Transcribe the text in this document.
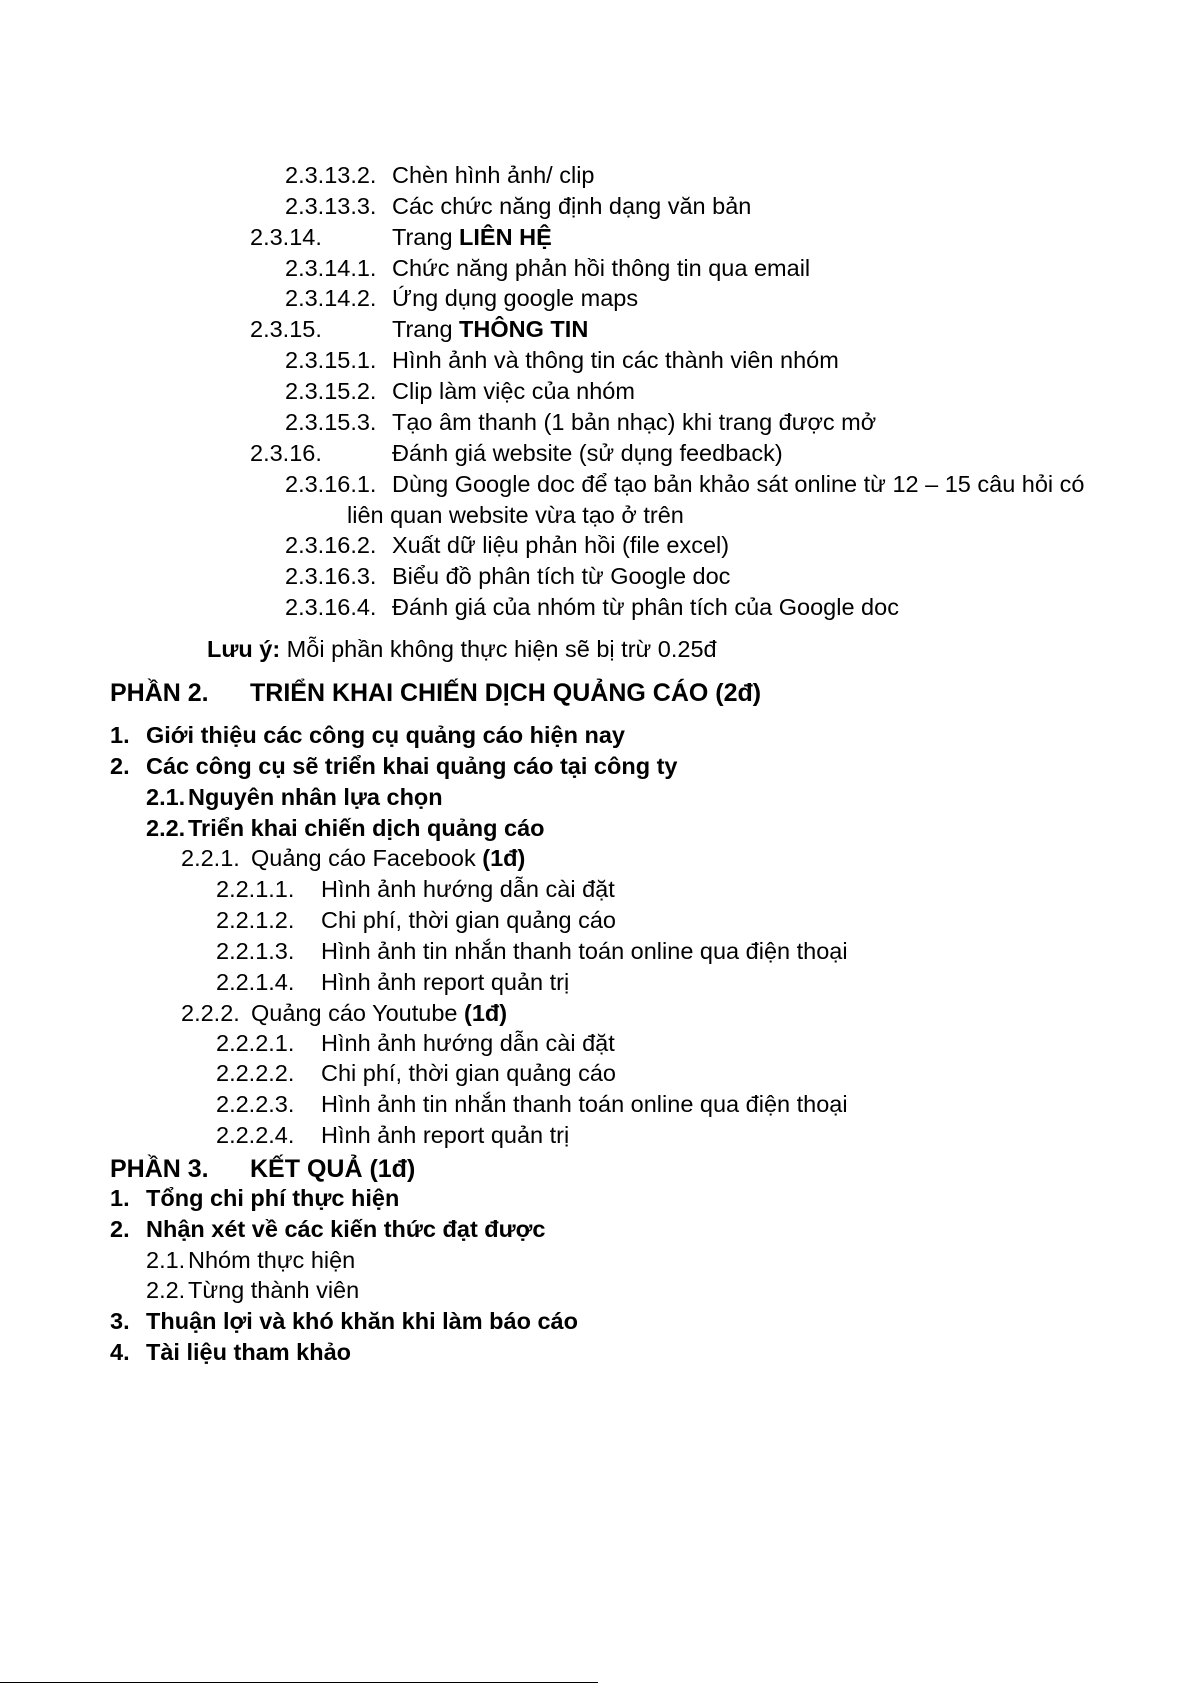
2.3.13.2. Chèn hình ảnh/ clip
2.3.13.3. Các chức năng định dạng văn bản
2.3.14.	Trang LIÊN HỆ
2.3.14.1. Chức năng phản hồi thông tin qua email
2.3.14.2. Ứng dụng google maps
2.3.15.	Trang THÔNG TIN
2.3.15.1. Hình ảnh và thông tin các thành viên nhóm
2.3.15.2. Clip làm việc của nhóm
2.3.15.3. Tạo âm thanh (1 bản nhạc) khi trang được mở
2.3.16.	Đánh giá website (sử dụng feedback)
2.3.16.1. Dùng Google doc để tạo bản khảo sát online từ 12 – 15 câu hỏi có
liên quan website vừa tạo ở trên
2.3.16.2. Xuất dữ liệu phản hồi (file excel)
2.3.16.3. Biểu đồ phân tích từ Google doc
2.3.16.4. Đánh giá của nhóm từ phân tích của Google doc
Lưu ý: Mỗi phần không thực hiện sẽ bị trừ 0.25đ
PHẦN 2. TRIỂN KHAI CHIẾN DỊCH QUẢNG CÁO (2đ)
1. Giới thiệu các công cụ quảng cáo hiện nay
2. Các công cụ sẽ triển khai quảng cáo tại công ty
2.1. Nguyên nhân lựa chọn
2.2. Triển khai chiến dịch quảng cáo
2.2.1. Quảng cáo Facebook (1đ)
2.2.1.1. Hình ảnh hướng dẫn cài đặt
2.2.1.2. Chi phí, thời gian quảng cáo
2.2.1.3. Hình ảnh tin nhắn thanh toán online qua điện thoại
2.2.1.4. Hình ảnh report quản trị
2.2.2. Quảng cáo Youtube (1đ)
2.2.2.1. Hình ảnh hướng dẫn cài đặt
2.2.2.2. Chi phí, thời gian quảng cáo
2.2.2.3. Hình ảnh tin nhắn thanh toán online qua điện thoại
2.2.2.4. Hình ảnh report quản trị
PHẦN 3. KẾT QUẢ (1đ)
1. Tổng chi phí thực hiện
2. Nhận xét về các kiến thức đạt được
2.1. Nhóm thực hiện
2.2. Từng thành viên
3. Thuận lợi và khó khăn khi làm báo cáo
4. Tài liệu tham khảo
